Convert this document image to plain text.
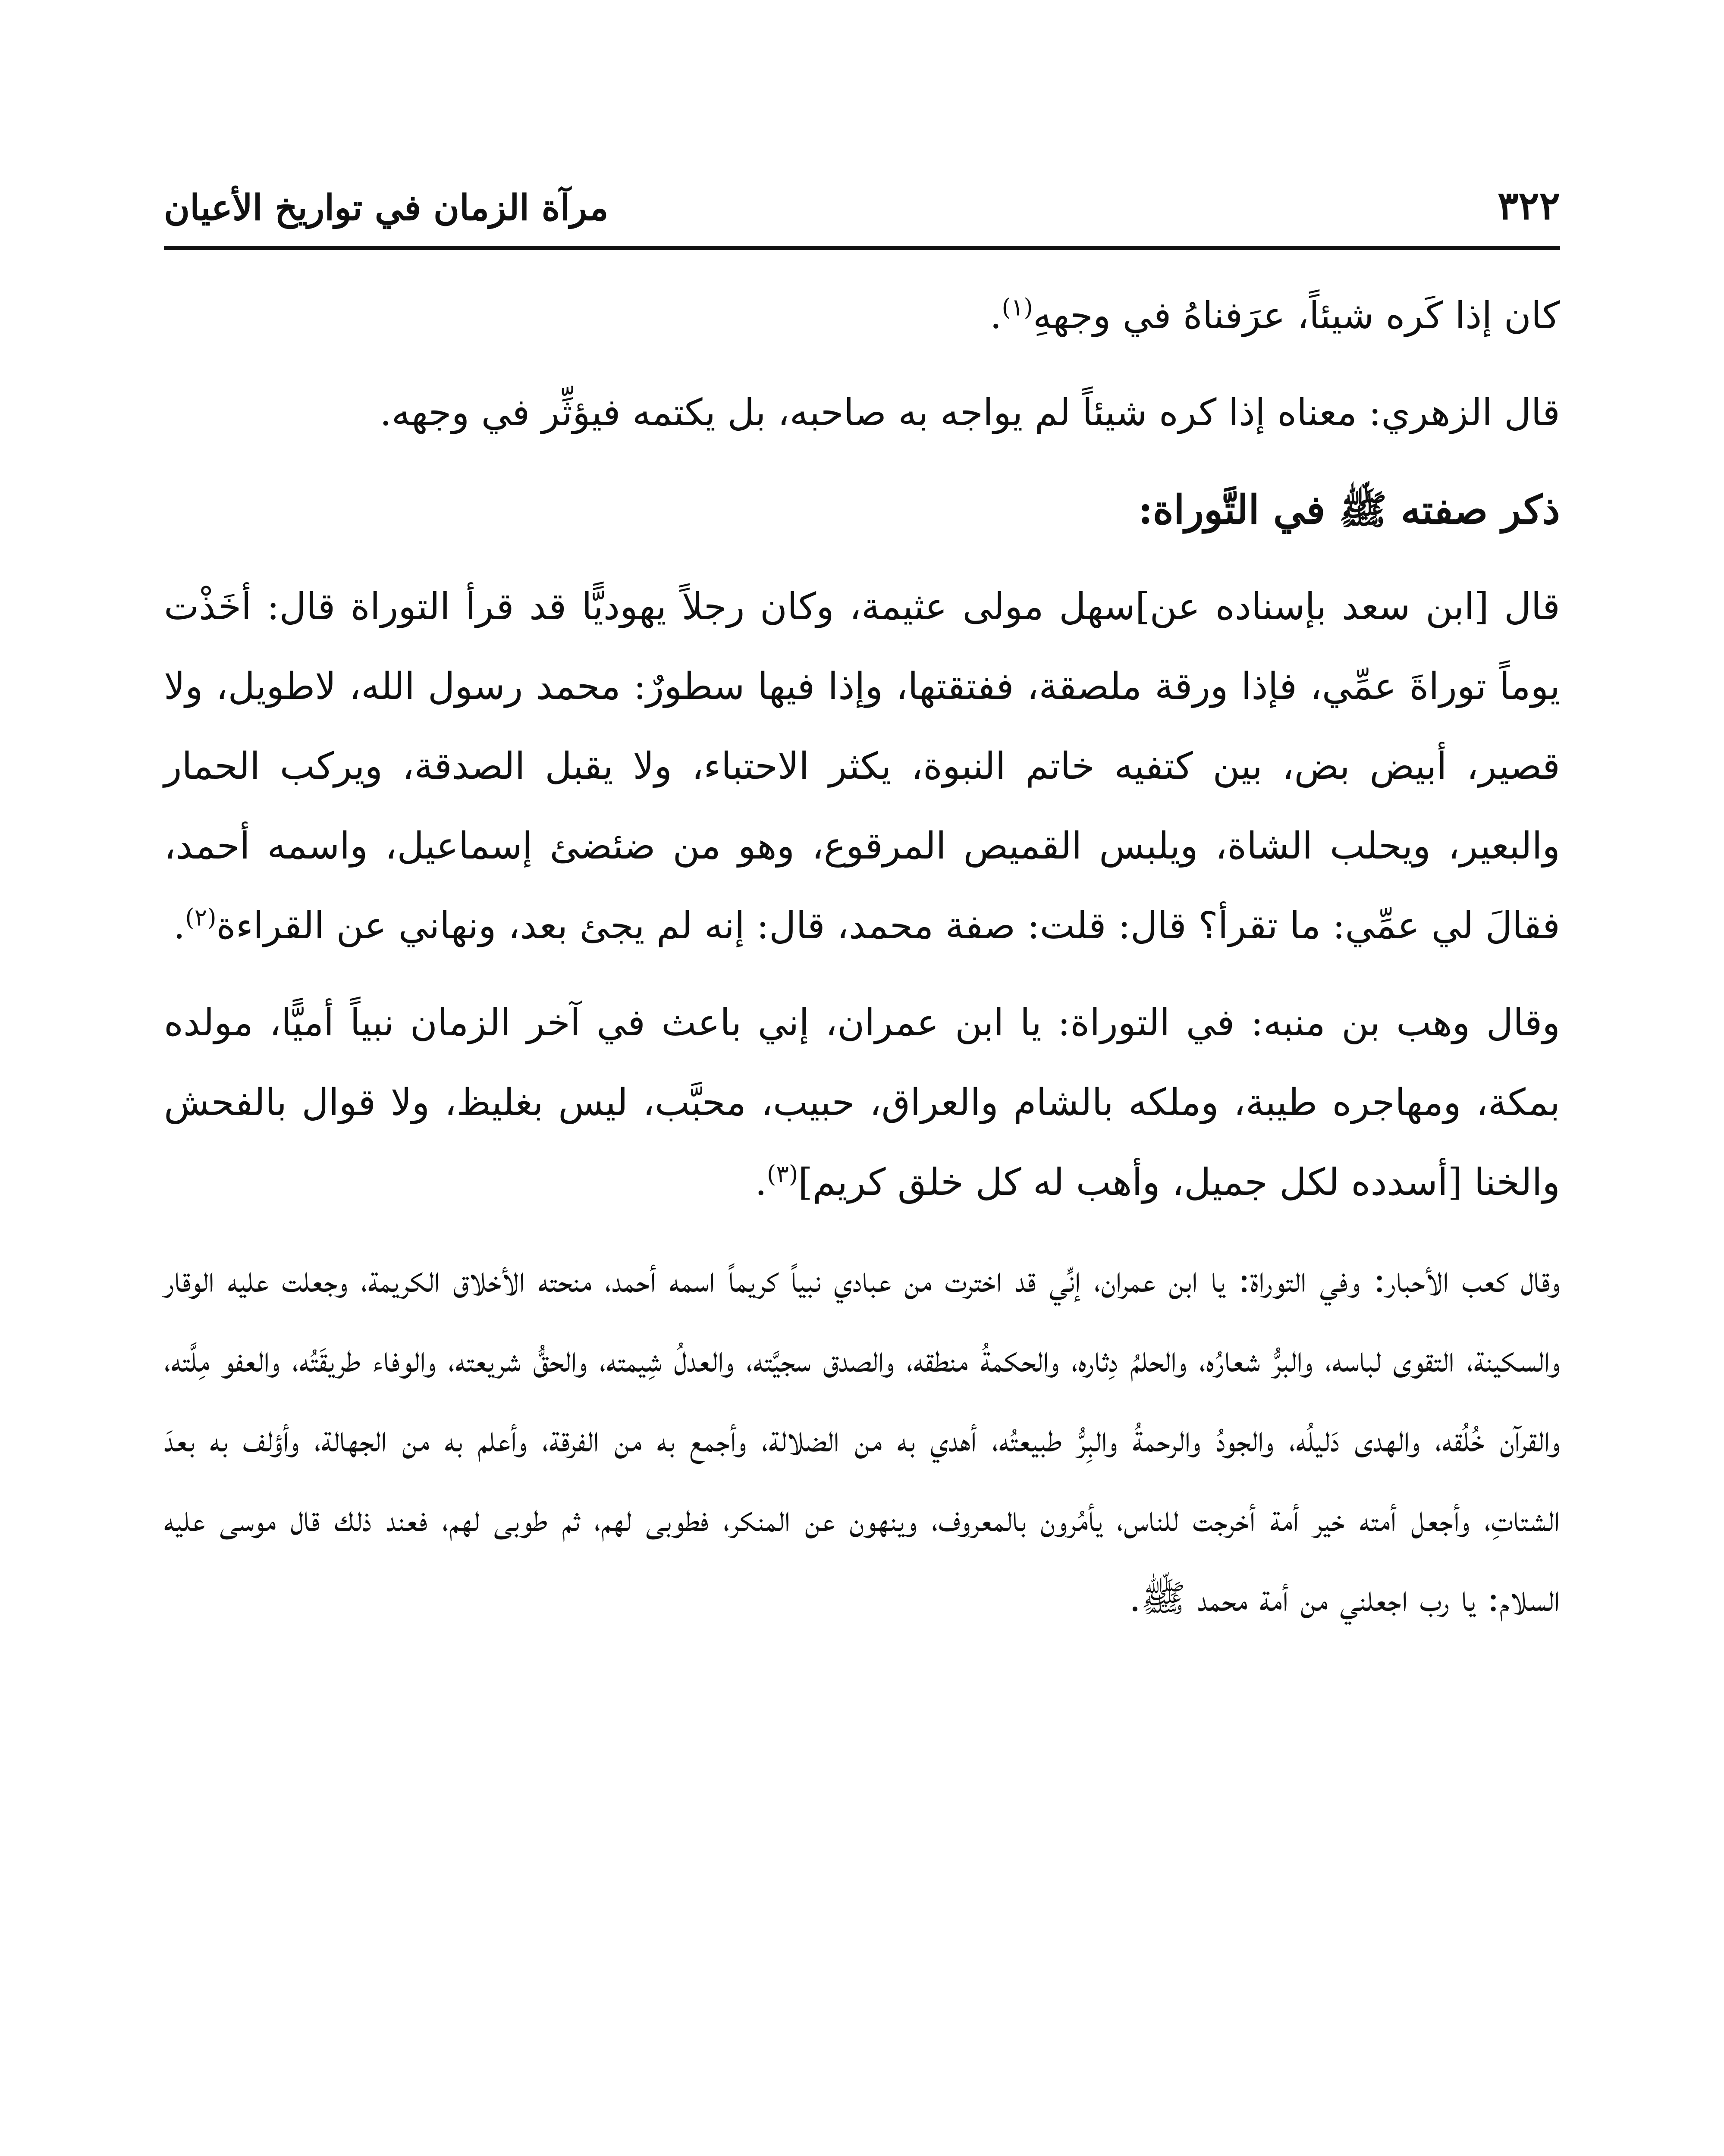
٣٢٢
مرآة الزمان في تواريخ الأعيان

كان إذا كَره شيئاً، عرَفناهُ في وجههِ$^{(١)}$.

قال الزهري: معناه إذا كره شيئاً لم يواجه به صاحبه، بل يكتمه فيؤثِّر في وجهه.

ذكر صفته ﷺ في التَّوراة:

قال [ابن سعد بإسناده عن]سهل مولى عثيمة، وكان رجلاً يهوديًّا قد قرأ التوراة قال: أخَذْت يوماً توراةَ عمِّي، فإذا ورقة ملصقة، ففتقتها، وإذا فيها سطورٌ: محمد رسول الله، لاطويل، ولا قصير، أبيض بض، بين كتفيه خاتم النبوة، يكثر الاحتباء، ولا يقبل الصدقة، ويركب الحمار والبعير، ويحلب الشاة، ويلبس القميص المرقوع، وهو من ضئضئ إسماعيل، واسمه أحمد، فقالَ لي عمِّي: ما تقرأ؟ قال: قلت: صفة محمد، قال: إنه لم يجئ بعد، ونهاني عن القراءة$^{(٢)}$.

وقال وهب بن منبه: في التوراة: يا ابن عمران، إني باعث في آخر الزمان نبياً أميًّا، مولده بمكة، ومهاجره طيبة، وملكه بالشام والعراق، حبيب، محبَّب، ليس بغليظ، ولا قوال بالفحش والخنا [أسدده لكل جميل، وأهب له كل خلق كريم]$^{(٣)}$.

وقال كعب الأحبار: وفي التوراة: يا ابن عمران، إنِّي قد اخترت من عبادي نبياً كريماً اسمه أحمد، منحته الأخلاق الكريمة، وجعلت عليه الوقار والسكينة، التقوى لباسه، والبرُّ شعارُه، والحلمُ دِثاره، والحكمةُ منطقه، والصدق سجيَّته، والعدلُ شِيمته، والحقُّ شريعته، والوفاء طريقَتُه، والعفو مِلَّته، والقرآن خُلُقه، والهدى دَليلُه، والجودُ والرحمةُ والبِرُّ طبيعتُه، أهدي به من الضلالة، وأجمع به من الفرقة، وأعلم به من الجهالة، وأؤلف به بعدَ الشتاتِ، وأجعل أمته خير أمة أخرجت للناس، يأمُرون بالمعروف، وينهون عن المنكر، فطوبى لهم، ثم طوبى لهم، فعند ذلك قال موسى عليه السلام: يا رب اجعلني من أمة محمد ﷺ.
